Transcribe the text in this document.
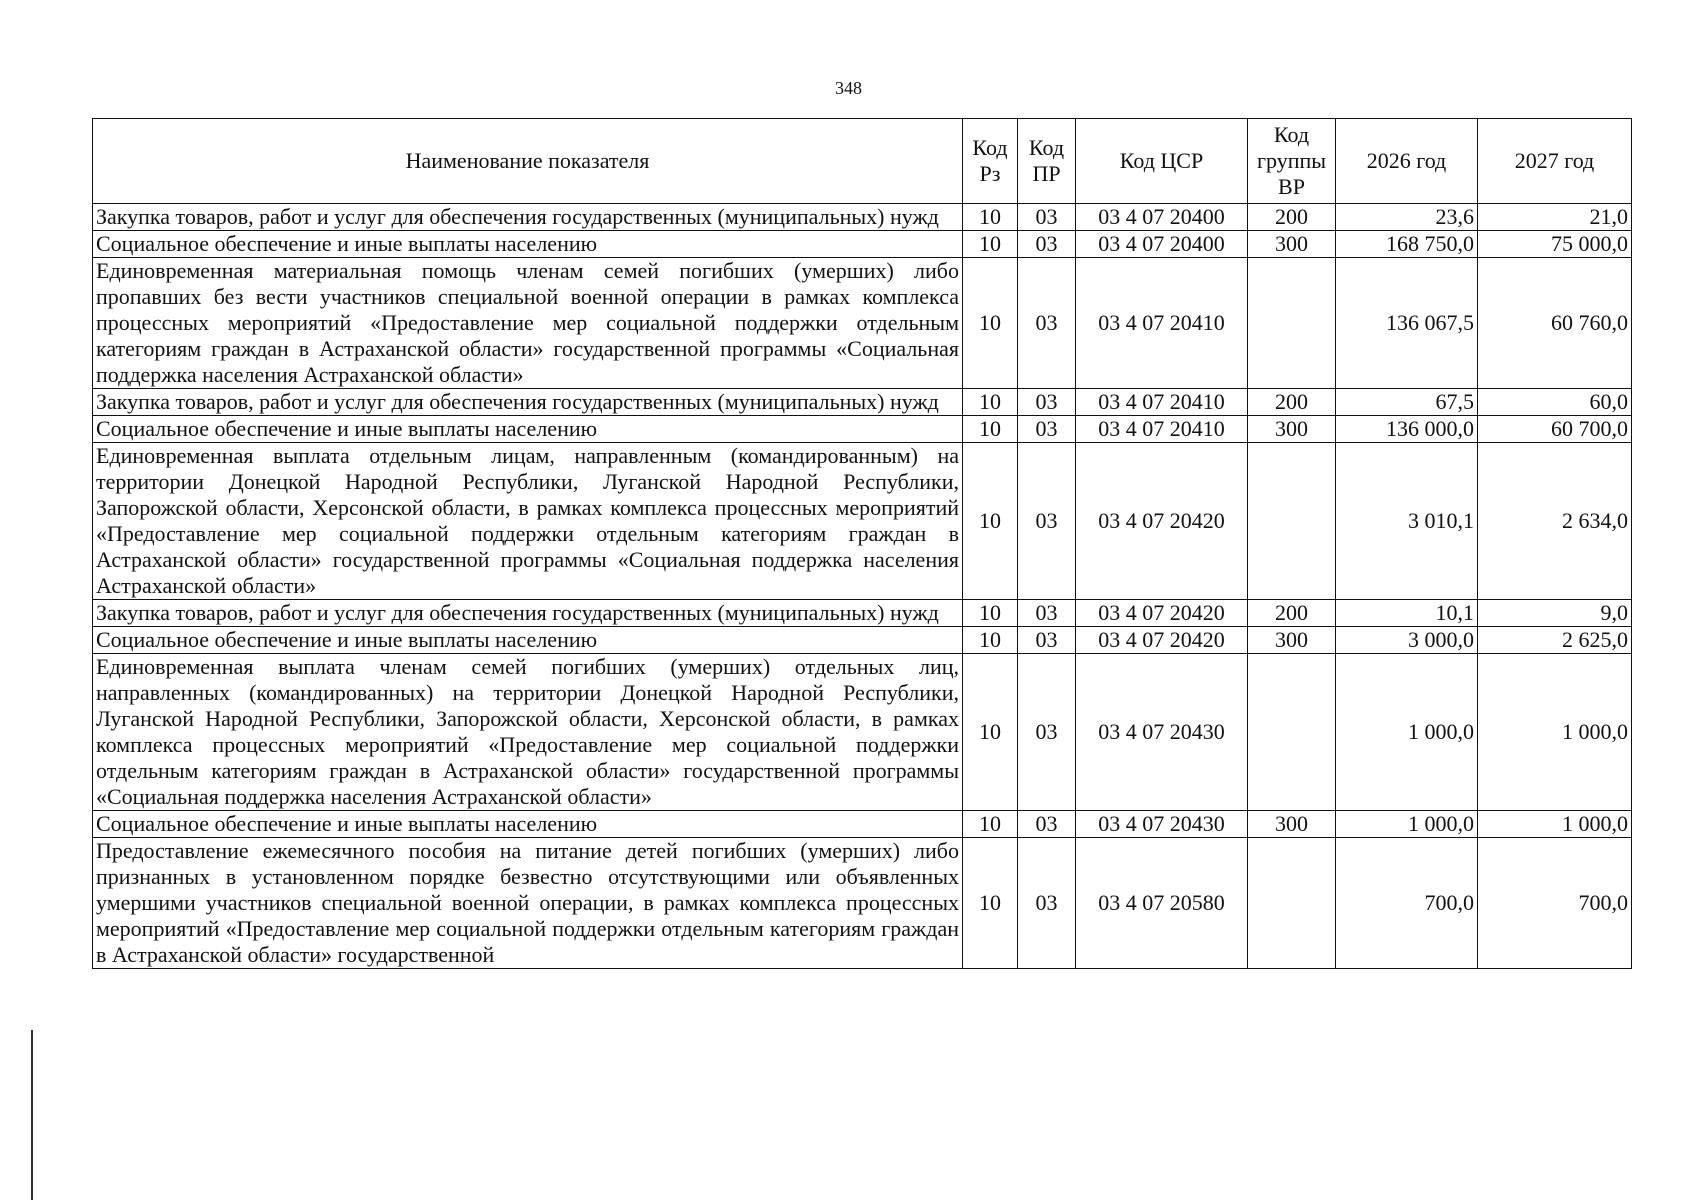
348
Наименование показателя	Код Рз	Код ПР	Код ЦСР	Код группы ВР	2026 год	2027 год
Закупка товаров, работ и услуг для обеспечения государственных (муниципальных) нужд	10	03	03 4 07 20400	200	23,6	21,0
Социальное обеспечение и иные выплаты населению	10	03	03 4 07 20400	300	168 750,0	75 000,0
Единовременная материальная помощь членам семей погибших (умерших) либо пропавших без вести участников специальной военной операции в рамках комплекса процессных мероприятий «Предоставление мер социальной поддержки отдельным категориям граждан в Астраханской области» государственной программы «Социальная поддержка населения Астраханской области»	10	03	03 4 07 20410		136 067,5	60 760,0
Закупка товаров, работ и услуг для обеспечения государственных (муниципальных) нужд	10	03	03 4 07 20410	200	67,5	60,0
Социальное обеспечение и иные выплаты населению	10	03	03 4 07 20410	300	136 000,0	60 700,0
Единовременная выплата отдельным лицам, направленным (командированным) на территории Донецкой Народной Республики, Луганской Народной Республики, Запорожской области, Херсонской области, в рамках комплекса процессных мероприятий «Предоставление мер социальной поддержки отдельным категориям граждан в Астраханской области» государственной программы «Социальная поддержка населения Астраханской области»	10	03	03 4 07 20420		3 010,1	2 634,0
Закупка товаров, работ и услуг для обеспечения государственных (муниципальных) нужд	10	03	03 4 07 20420	200	10,1	9,0
Социальное обеспечение и иные выплаты населению	10	03	03 4 07 20420	300	3 000,0	2 625,0
Единовременная выплата членам семей погибших (умерших) отдельных лиц, направленных (командированных) на территории Донецкой Народной Республики, Луганской Народной Республики, Запорожской области, Херсонской области, в рамках комплекса процессных мероприятий «Предоставление мер социальной поддержки отдельным категориям граждан в Астраханской области» государственной программы «Социальная поддержка населения Астраханской области»	10	03	03 4 07 20430		1 000,0	1 000,0
Социальное обеспечение и иные выплаты населению	10	03	03 4 07 20430	300	1 000,0	1 000,0
Предоставление ежемесячного пособия на питание детей погибших (умерших) либо признанных в установленном порядке безвестно отсутствующими или объявленных умершими участников специальной военной операции, в рамках комплекса процессных мероприятий «Предоставление мер социальной поддержки отдельным категориям граждан в Астраханской области» государственной	10	03	03 4 07 20580		700,0	700,0
